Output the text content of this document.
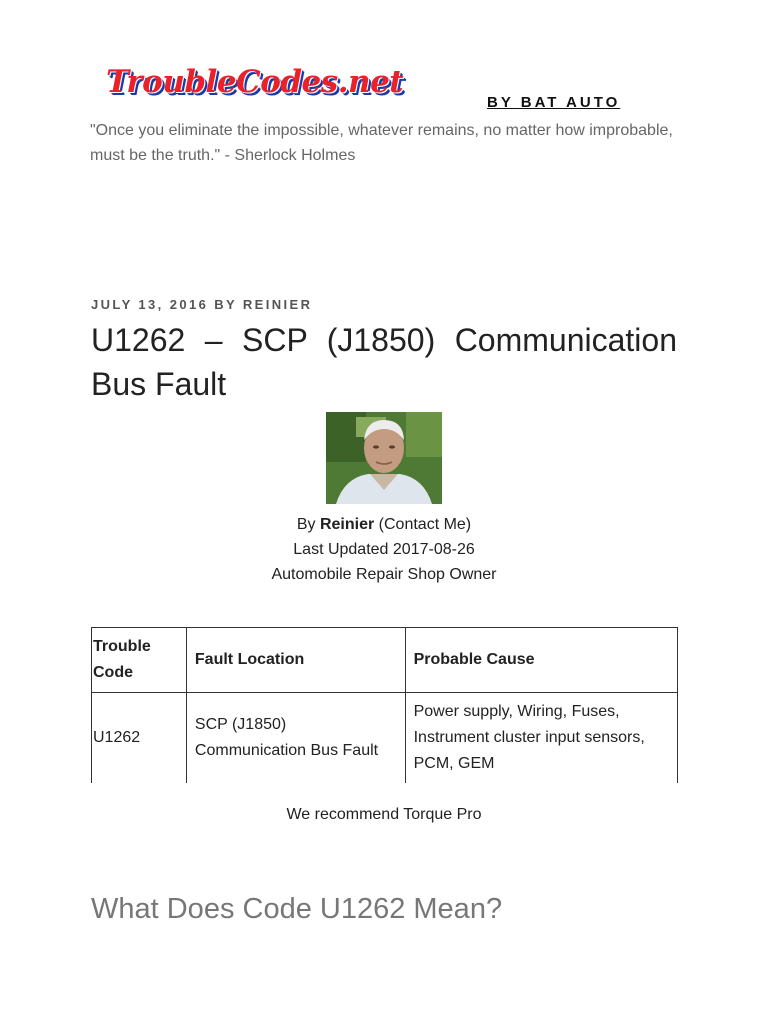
TroubleCodes.net
BY BAT AUTO
"Once you eliminate the impossible, whatever remains, no matter how improbable, must be the truth." - Sherlock Holmes
JULY 13, 2016 BY REINIER
U1262 – SCP (J1850) Communication Bus Fault
By Reinier (Contact Me)
Last Updated 2017-08-26
Automobile Repair Shop Owner
Trouble Code	Fault Location	Probable Cause
U1262	SCP (J1850) Communication Bus Fault	Power supply, Wiring, Fuses, Instrument cluster input sensors, PCM, GEM
We recommend Torque Pro
What Does Code U1262 Mean?
